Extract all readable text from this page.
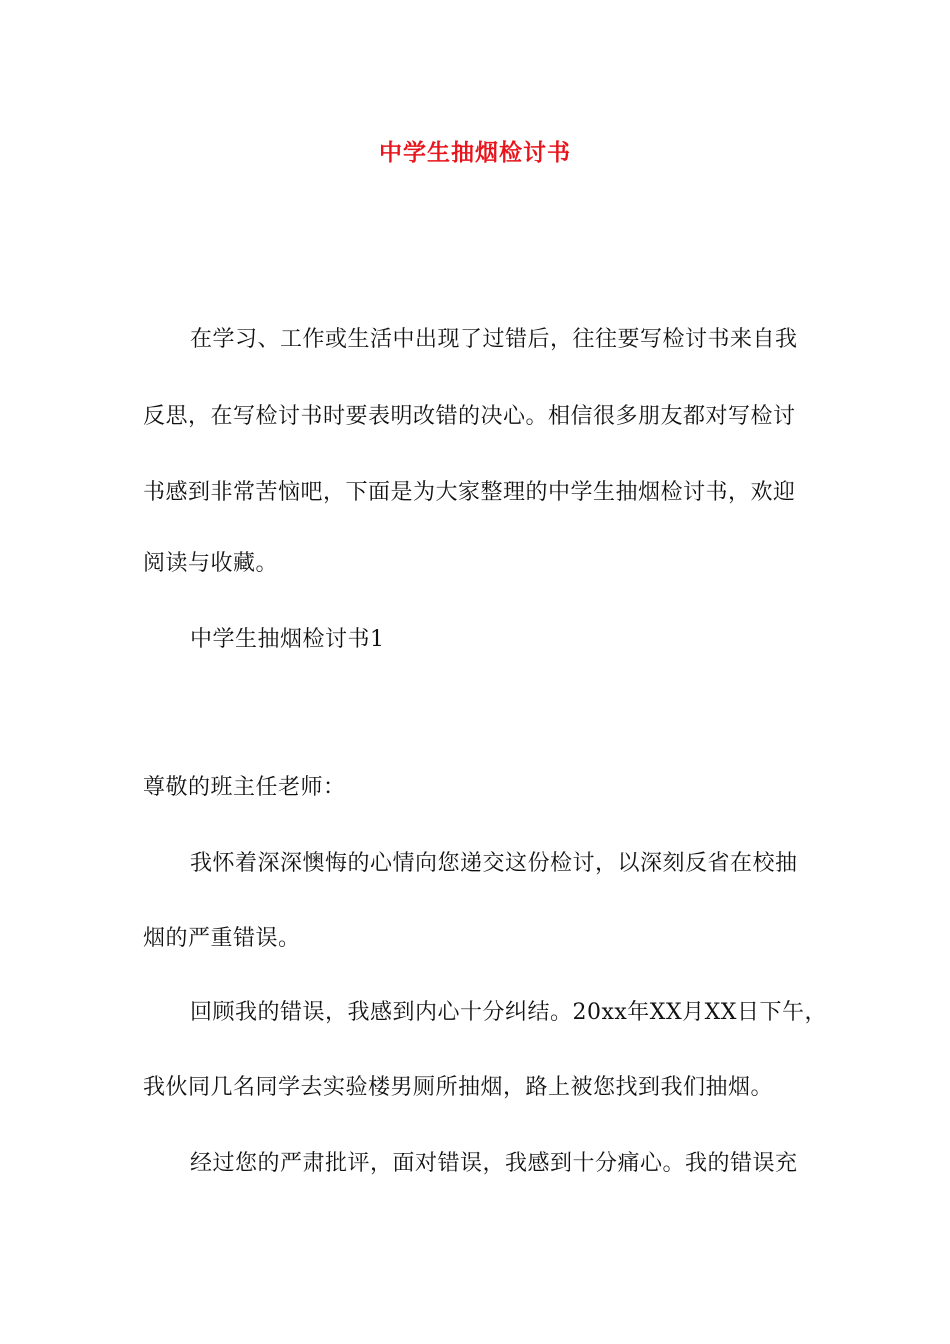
中学生抽烟检讨书

在学习、工作或生活中出现了过错后，往往要写检讨书来自我

反思，在写检讨书时要表明改错的决心。相信很多朋友都对写检讨

书感到非常苦恼吧，下面是为大家整理的中学生抽烟检讨书，欢迎

阅读与收藏。

中学生抽烟检讨书1

尊敬的班主任老师：

我怀着深深懊悔的心情向您递交这份检讨，以深刻反省在校抽

烟的严重错误。

回顾我的错误，我感到内心十分纠结。20xx年XX月XX日下午，

我伙同几名同学去实验楼男厕所抽烟，路上被您找到我们抽烟。

经过您的严肃批评，面对错误，我感到十分痛心。我的错误充
